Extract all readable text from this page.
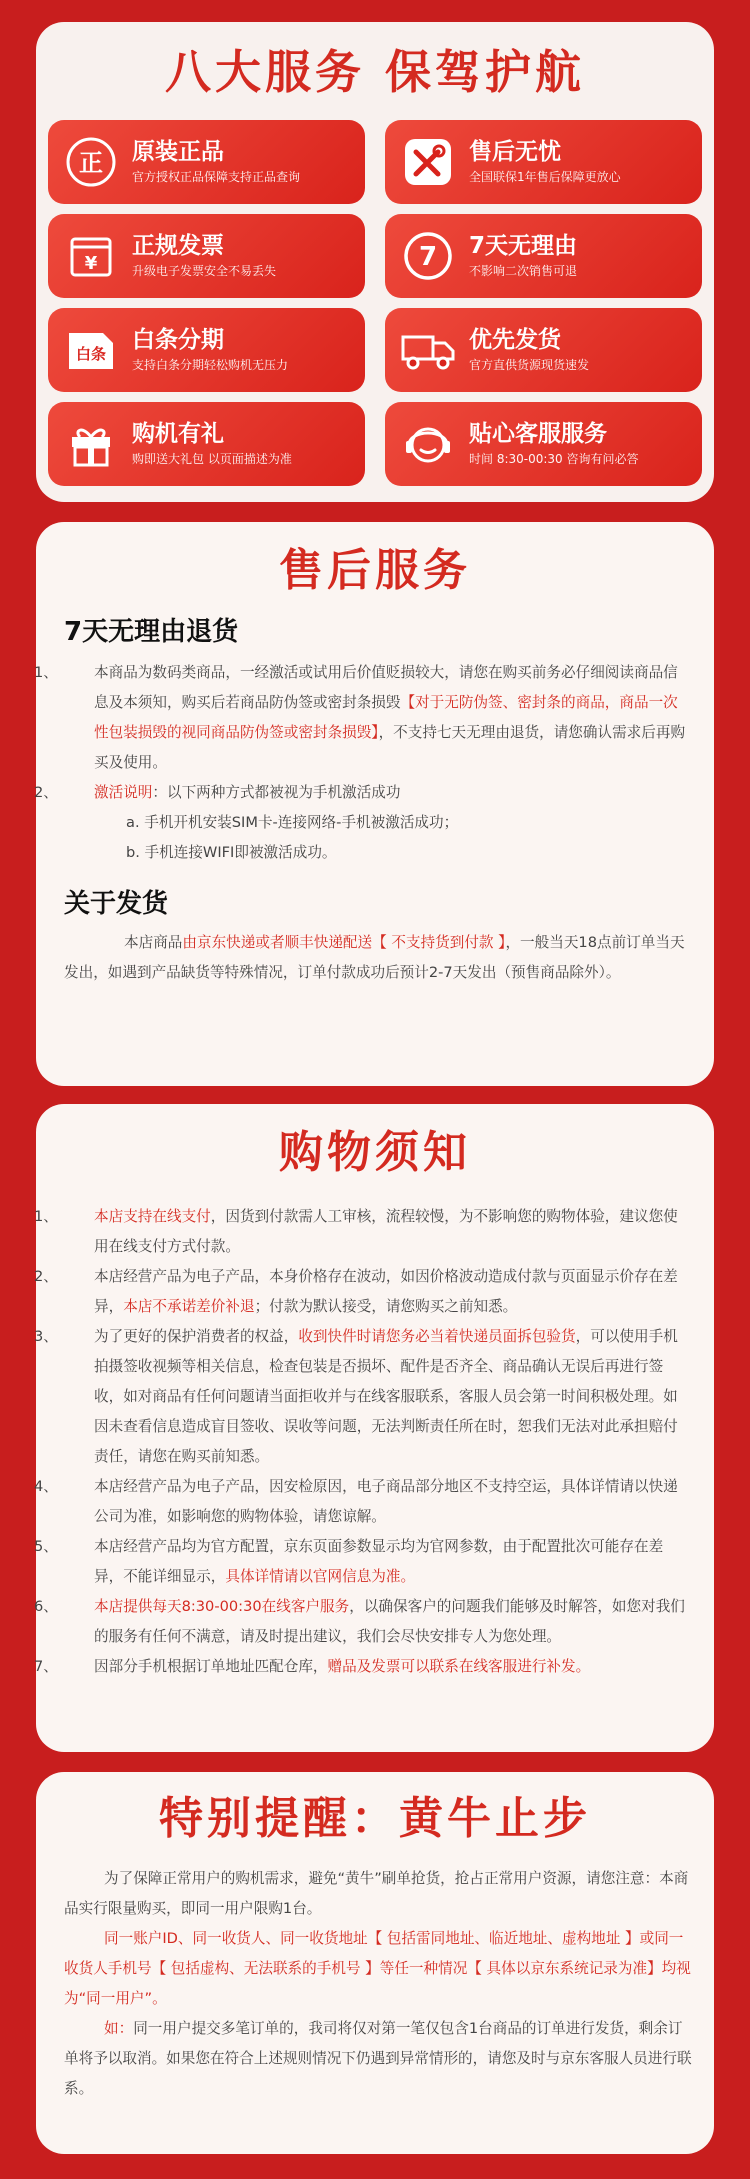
八大服务 保驾护航
正 原装正品
官方授权正品保障支持正品查询
售后无忧
全国联保1年售后保障更放心
¥
正规发票
升级电子发票安全不易丢失	7 7天无理由
不影响二次销售可退
白条
白条分期
支持白条分期轻松购机无压力
优先发货
官方直供货源现货速发
购机有礼
购即送大礼包 以页面描述为准
贴心客服服务
时间 8:30-00:30 咨询有问必答
售后服务
7天无理由退货
1、 本商品为数码类商品，一经激活或试用后价值贬损较大，请您在购买前务必仔细阅读商品信息及本须知，购买后若商品防伪签或密封条损毁【对于无防伪签、密封条的商品，商品一次性包装损毁的视同商品防伪签或密封条损毁】，不支持七天无理由退货，请您确认需求后再购买及使用。
2、 激活说明：以下两种方式都被视为手机激活成功
a. 手机开机安装SIM卡-连接网络-手机被激活成功；
b. 手机连接WIFI即被激活成功。
关于发货
本店商品由京东快递或者顺丰快递配送【 不支持货到付款 】，一般当天18点前订单当天发出，如遇到产品缺货等特殊情况，订单付款成功后预计2-7天发出（预售商品除外）。
购物须知
1、 本店支持在线支付，因货到付款需人工审核，流程较慢，为不影响您的购物体验，建议您使用在线支付方式付款。
2、 本店经营产品为电子产品，本身价格存在波动，如因价格波动造成付款与页面显示价存在差异，本店不承诺差价补退；付款为默认接受，请您购买之前知悉。
3、 为了更好的保护消费者的权益，收到快件时请您务必当着快递员面拆包验货，可以使用手机拍摄签收视频等相关信息，检查包装是否损坏、配件是否齐全、商品确认无误后再进行签收，如对商品有任何问题请当面拒收并与在线客服联系，客服人员会第一时间积极处理。如因未查看信息造成盲目签收、误收等问题，无法判断责任所在时，恕我们无法对此承担赔付责任，请您在购买前知悉。
4、 本店经营产品为电子产品，因安检原因，电子商品部分地区不支持空运，具体详情请以快递公司为准，如影响您的购物体验，请您谅解。
5、 本店经营产品均为官方配置，京东页面参数显示均为官网参数，由于配置批次可能存在差异，不能详细显示，具体详情请以官网信息为准。
6、 本店提供每天8:30-00:30在线客户服务，以确保客户的问题我们能够及时解答，如您对我们的服务有任何不满意，请及时提出建议，我们会尽快安排专人为您处理。
7、 因部分手机根据订单地址匹配仓库，赠品及发票可以联系在线客服进行补发。
特别提醒：黄牛止步
为了保障正常用户的购机需求，避免“黄牛”刷单抢货，抢占正常用户资源，请您注意：本商品实行限量购买，即同一用户限购1台。
同一账户ID、同一收货人、同一收货地址【 包括雷同地址、临近地址、虚构地址 】或同一收货人手机号【 包括虚构、无法联系的手机号 】等任一种情况【 具体以京东系统记录为准】均视为“同一用户”。
如：同一用户提交多笔订单的，我司将仅对第一笔仅包含1台商品的订单进行发货，剩余订单将予以取消。如果您在符合上述规则情况下仍遇到异常情形的，请您及时与京东客服人员进行联系。
